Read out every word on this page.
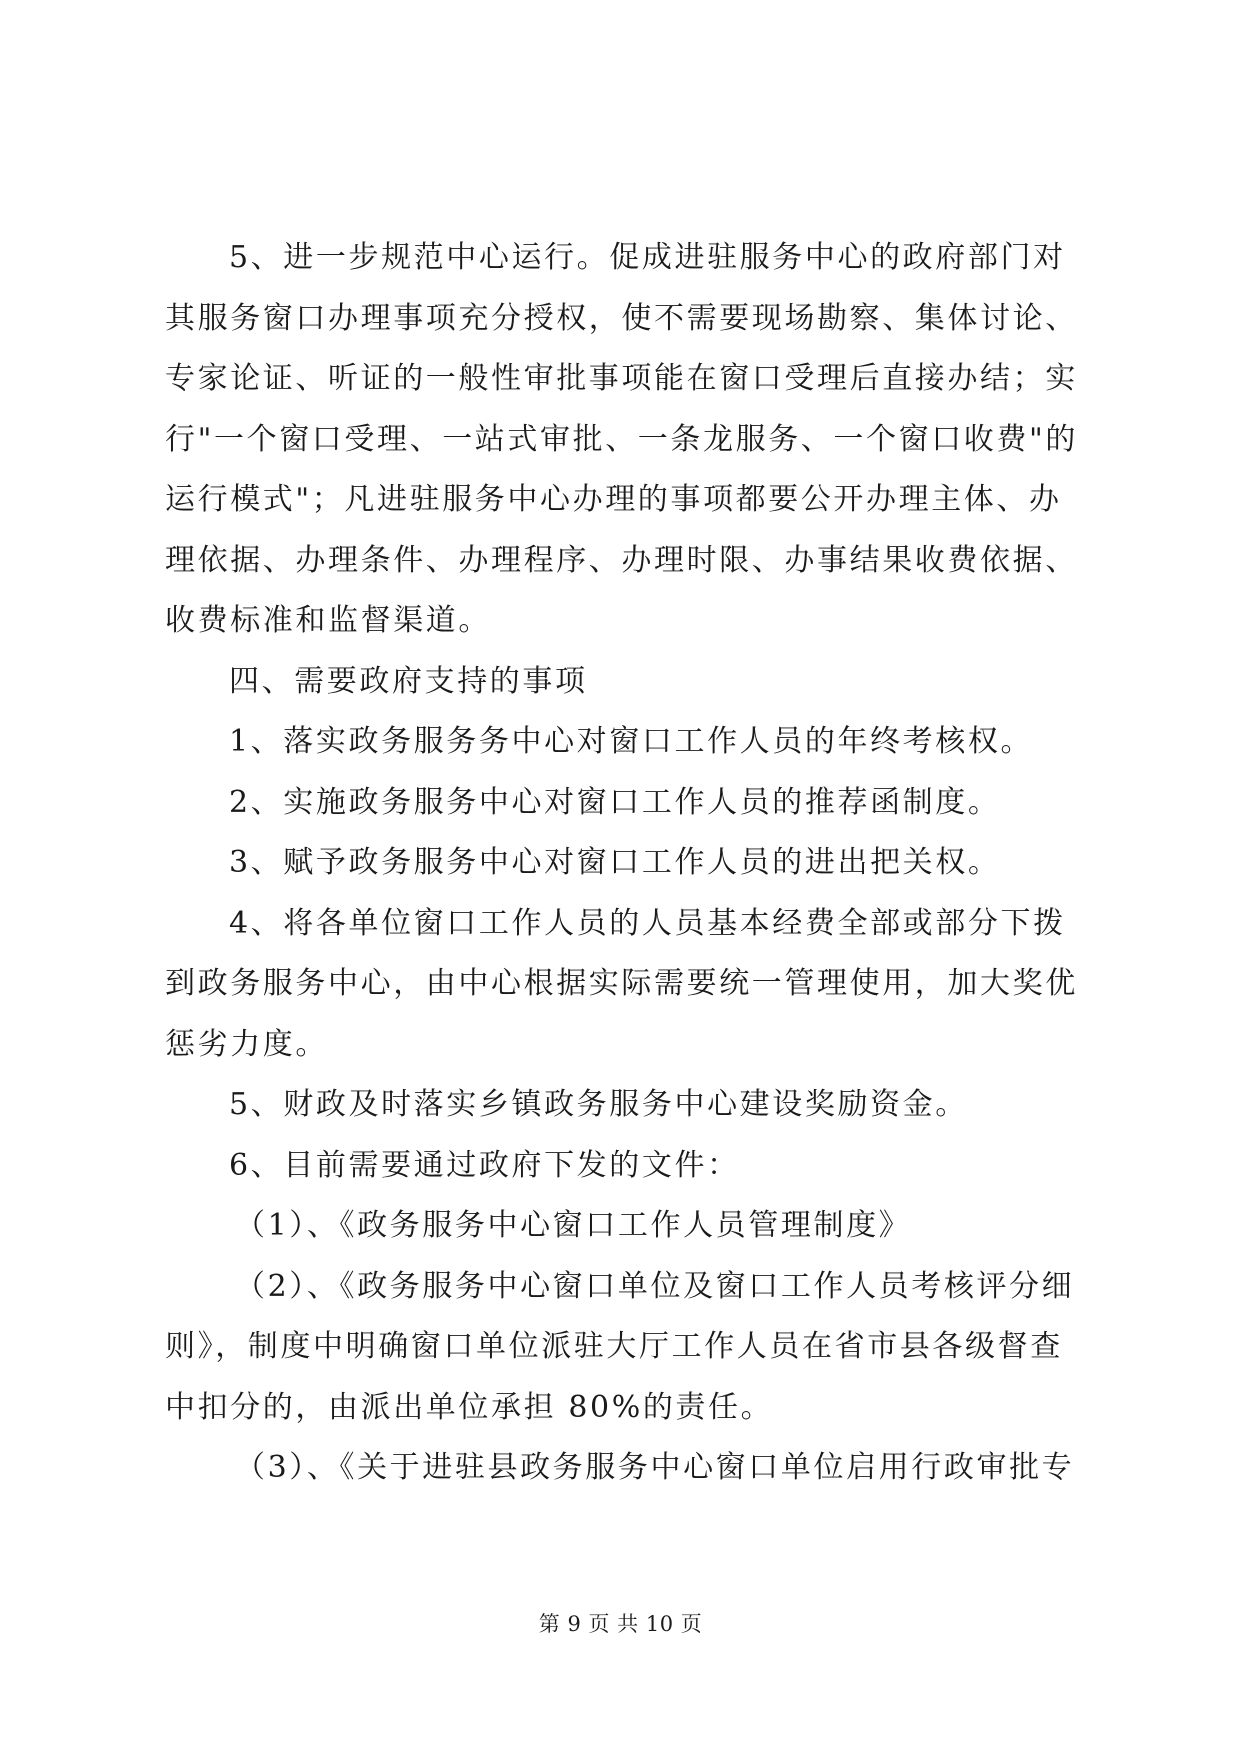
5、进一步规范中心运行。促成进驻服务中心的政府部门对
其服务窗口办理事项充分授权，使不需要现场勘察、集体讨论、
专家论证、听证的一般性审批事项能在窗口受理后直接办结；实
行"一个窗口受理、一站式审批、一条龙服务、一个窗口收费"的
运行模式"；凡进驻服务中心办理的事项都要公开办理主体、办
理依据、办理条件、办理程序、办理时限、办事结果收费依据、
收费标准和监督渠道。
四、需要政府支持的事项
1、落实政务服务务中心对窗口工作人员的年终考核权。
2、实施政务服务中心对窗口工作人员的推荐函制度。
3、赋予政务服务中心对窗口工作人员的进出把关权。
4、将各单位窗口工作人员的人员基本经费全部或部分下拨
到政务服务中心，由中心根据实际需要统一管理使用，加大奖优
惩劣力度。
5、财政及时落实乡镇政务服务中心建设奖励资金。
6、目前需要通过政府下发的文件：
（1）、《政务服务中心窗口工作人员管理制度》
（2）、《政务服务中心窗口单位及窗口工作人员考核评分细
则》，制度中明确窗口单位派驻大厅工作人员在省市县各级督查
中扣分的，由派出单位承担 80%的责任。
（3）、《关于进驻县政务服务中心窗口单位启用行政审批专
第 9 页 共 10 页
